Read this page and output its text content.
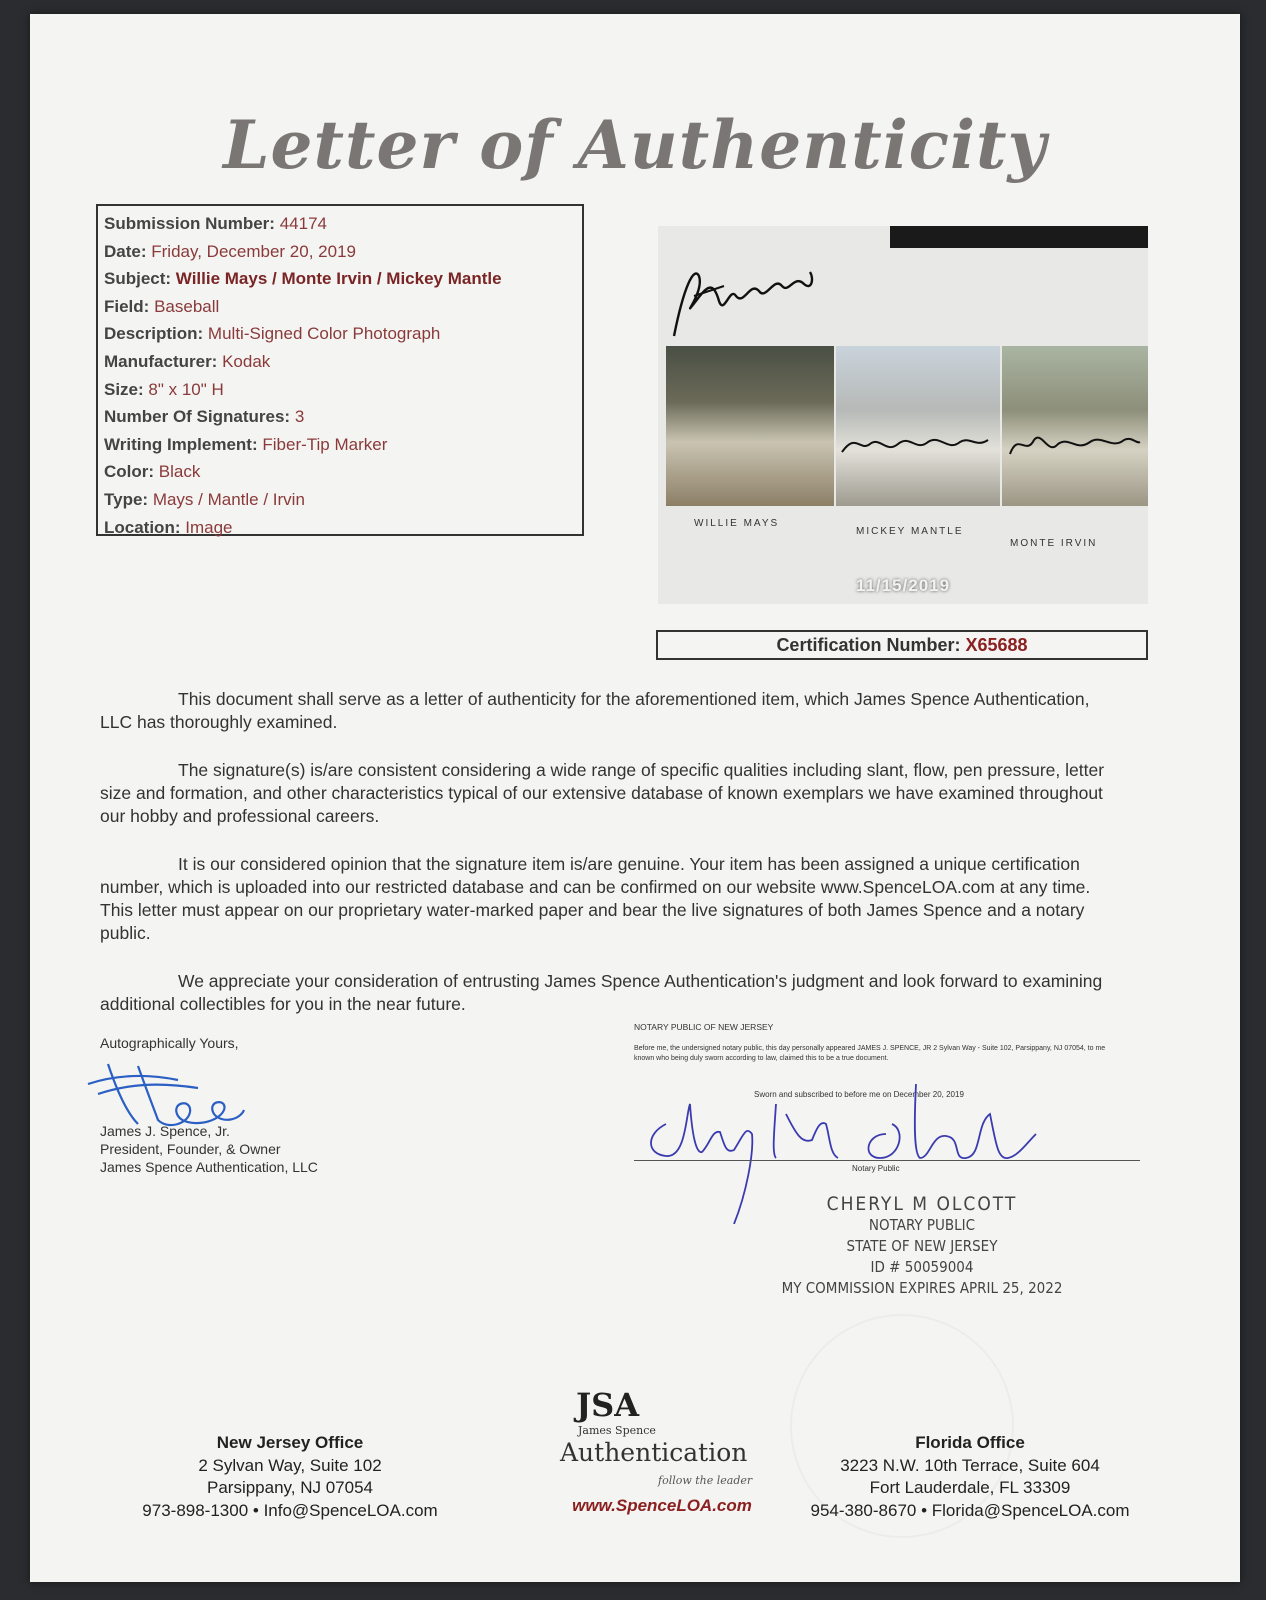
Letter of Authenticity
Submission Number: 44174
Date: Friday, December 20, 2019
Subject: Willie Mays / Monte Irvin / Mickey Mantle
Field: Baseball
Description: Multi-Signed Color Photograph
Manufacturer: Kodak
Size: 8" x 10" H
Number Of Signatures: 3
Writing Implement: Fiber-Tip Marker
Color: Black
Type: Mays / Mantle / Irvin
Location: Image	WILLIE MAYS
MICKEY MANTLE
MONTE IRVIN
11/15/2019
Certification Number: X65688

This document shall serve as a letter of authenticity for the aforementioned item, which James Spence Authentication, LLC has thoroughly examined.

The signature(s) is/are consistent considering a wide range of specific qualities including slant, flow, pen pressure, letter size and formation, and other characteristics typical of our extensive database of known exemplars we have examined throughout our hobby and professional careers.

It is our considered opinion that the signature item is/are genuine. Your item has been assigned a unique certification number, which is uploaded into our restricted database and can be confirmed on our website www.SpenceLOA.com at any time. This letter must appear on our proprietary water-marked paper and bear the live signatures of both James Spence and a notary public.

We appreciate your consideration of entrusting James Spence Authentication's judgment and look forward to examining additional collectibles for you in the near future.

Autographically Yours,
James J. Spence, Jr.
President, Founder, & Owner
James Spence Authentication, LLC
NOTARY PUBLIC OF NEW JERSEY
Before me, the undersigned notary public, this day personally appeared JAMES J. SPENCE, JR 2 Sylvan Way - Suite 102, Parsippany, NJ 07054, to me known who being duly sworn according to law, claimed this to be a true document.
Sworn and subscribed to before me on December 20, 2019
Notary Public
CHERYL M OLCOTT
NOTARY PUBLIC
STATE OF NEW JERSEY
ID # 50059004
MY COMMISSION EXPIRES APRIL 25, 2022
New Jersey Office
2 Sylvan Way, Suite 102
Parsippany, NJ 07054
973-898-1300 • Info@SpenceLOA.com
JSA
James Spence
Authentication
follow the leader
www.SpenceLOA.com
Florida Office
3223 N.W. 10th Terrace, Suite 604
Fort Lauderdale, FL 33309
954-380-8670 • Florida@SpenceLOA.com
